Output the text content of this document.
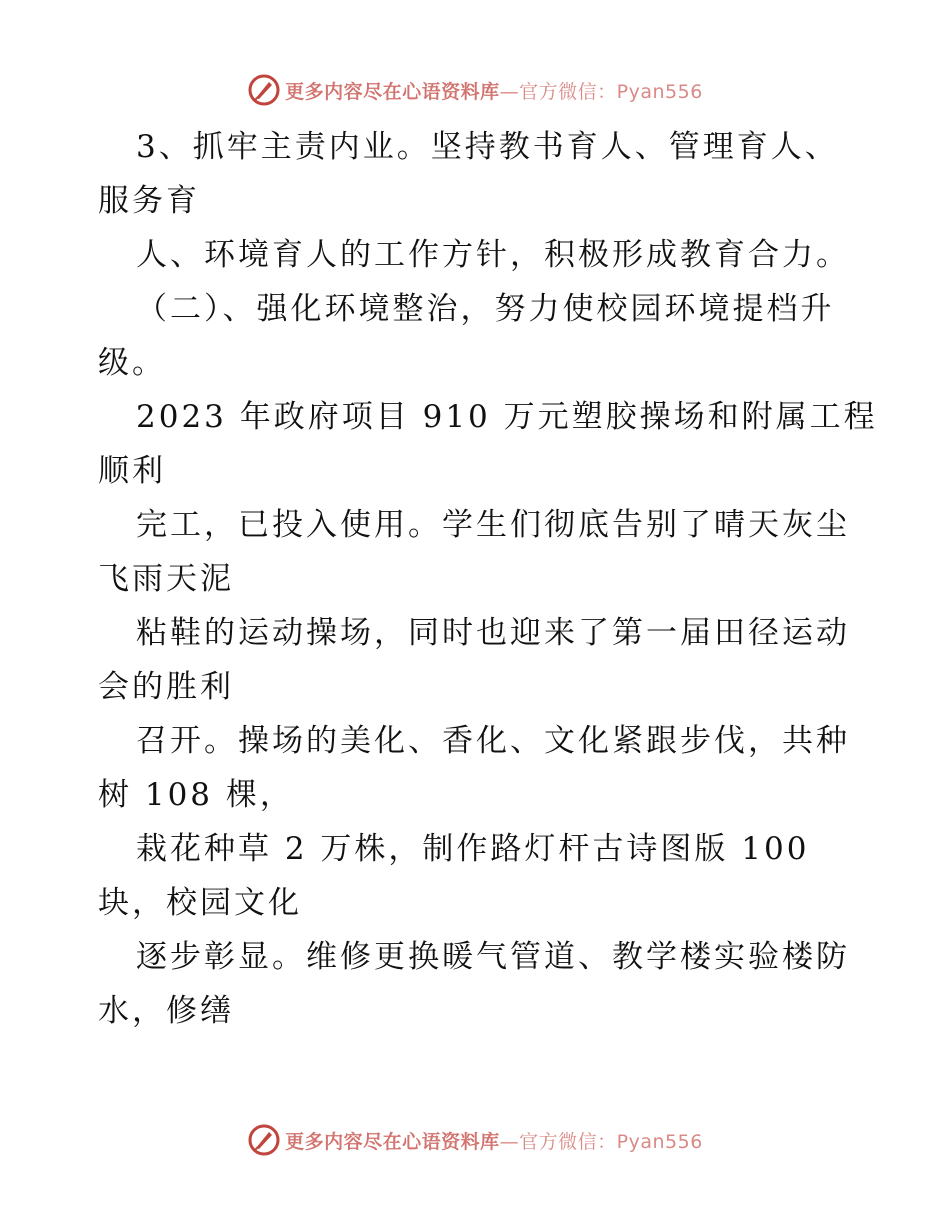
更多内容尽在心语资料库—官方微信：Pyan556
3、抓牢主责内业。坚持教书育人、管理育人、
服务育
人、环境育人的工作方针，积极形成教育合力。
（二）、强化环境整治，努力使校园环境提档升
级。
2023 年政府项目 910 万元塑胶操场和附属工程
顺利
完工，已投入使用。学生们彻底告别了晴天灰尘
飞雨天泥
粘鞋的运动操场，同时也迎来了第一届田径运动
会的胜利
召开。操场的美化、香化、文化紧跟步伐，共种
树 108 棵，
栽花种草 2 万株，制作路灯杆古诗图版 100
块，校园文化
逐步彰显。维修更换暖气管道、教学楼实验楼防
水，修缮
更多内容尽在心语资料库—官方微信：Pyan556
